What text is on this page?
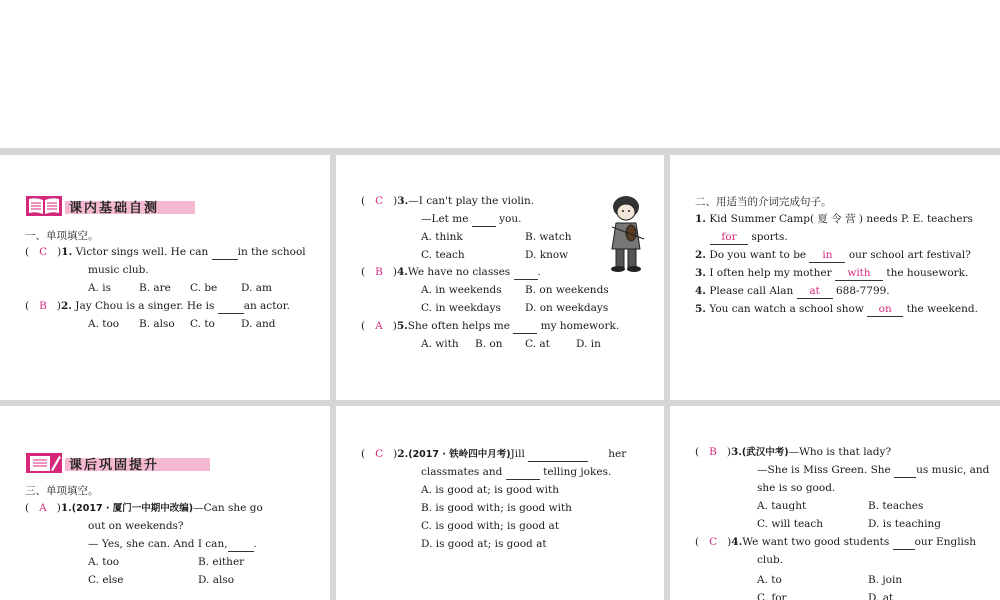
课内基础自测
一、单项填空。
(   C   )1. Victor sings well. He can	in the school
music club.
A. is	B. are C. be D. am
(   B   )2. Jay Chou is a singer. He is	an actor.
A. too B. also C. to D. and
(   C   )3.—I can't play the violin.
—Let me	you.
A. think	B. watch
C. teach	D. know
(   B   )4.We have no classes	.
A. in weekends B. on weekends
C. in weekdays D. on weekdays
(   A   )5.She often helps me	my homework.
A. with B. on C. at D. in
二、用适当的介词完成句子。
1. Kid Summer Camp( 夏 令 营 ) needs P. E. teachers
for sports.
2. Do you want to be in our school art festival?
3. I often help my mother with the housework.
4. Please call Alan at 688-7799.
5. You can watch a school show on the weekend.
课后巩固提升
三、单项填空。
(   A   )1.(2017 · 厦门一中期中改编)—Can she go
out on weekends?
— Yes, she can. And I can, .
A. too	B. either
C. else	D. also
(   C   )2.(2017 · 铁岭四中月考)Jill	her
classmates and	telling jokes.
A. is good at; is good with
B. is good with; is good with
C. is good with; is good at
D. is good at; is good at
(   B   )3.(武汉中考)—Who is that lady?
—She is Miss Green. She us music, and
she is so good.
A. taught	B. teaches
C. will teach	D. is teaching
(   C   )4.We want two good students our English
club.
A. to	B. join
C. for	D. at
